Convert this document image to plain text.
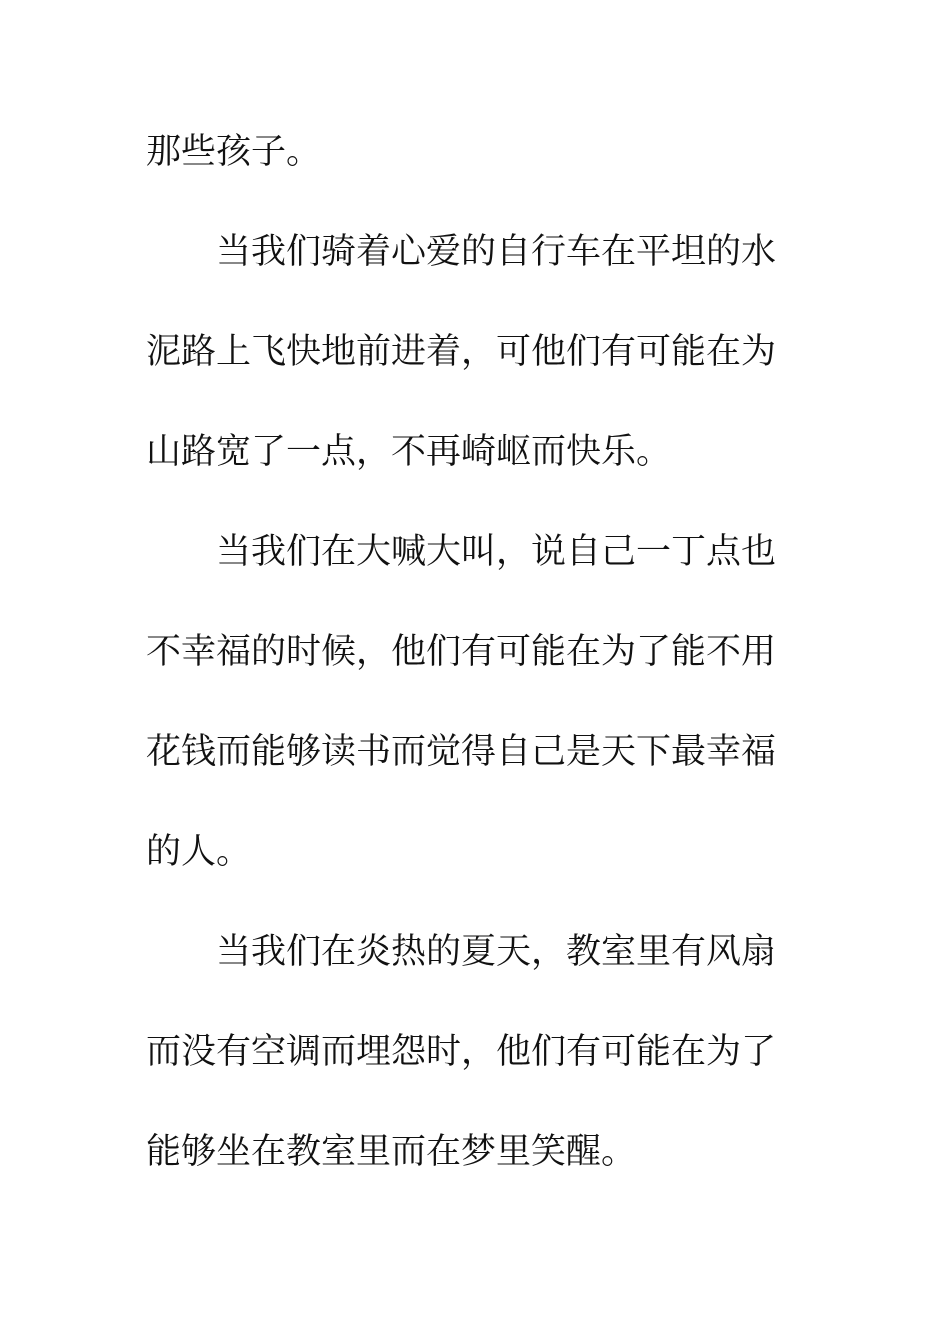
那些孩子。
当我们骑着心爱的自行车在平坦的水
泥路上飞快地前进着，可他们有可能在为
山路宽了一点，不再崎岖而快乐。
当我们在大喊大叫，说自己一丁点也
不幸福的时候，他们有可能在为了能不用
花钱而能够读书而觉得自己是天下最幸福
的人。
当我们在炎热的夏天，教室里有风扇
而没有空调而埋怨时，他们有可能在为了
能够坐在教室里而在梦里笑醒。
